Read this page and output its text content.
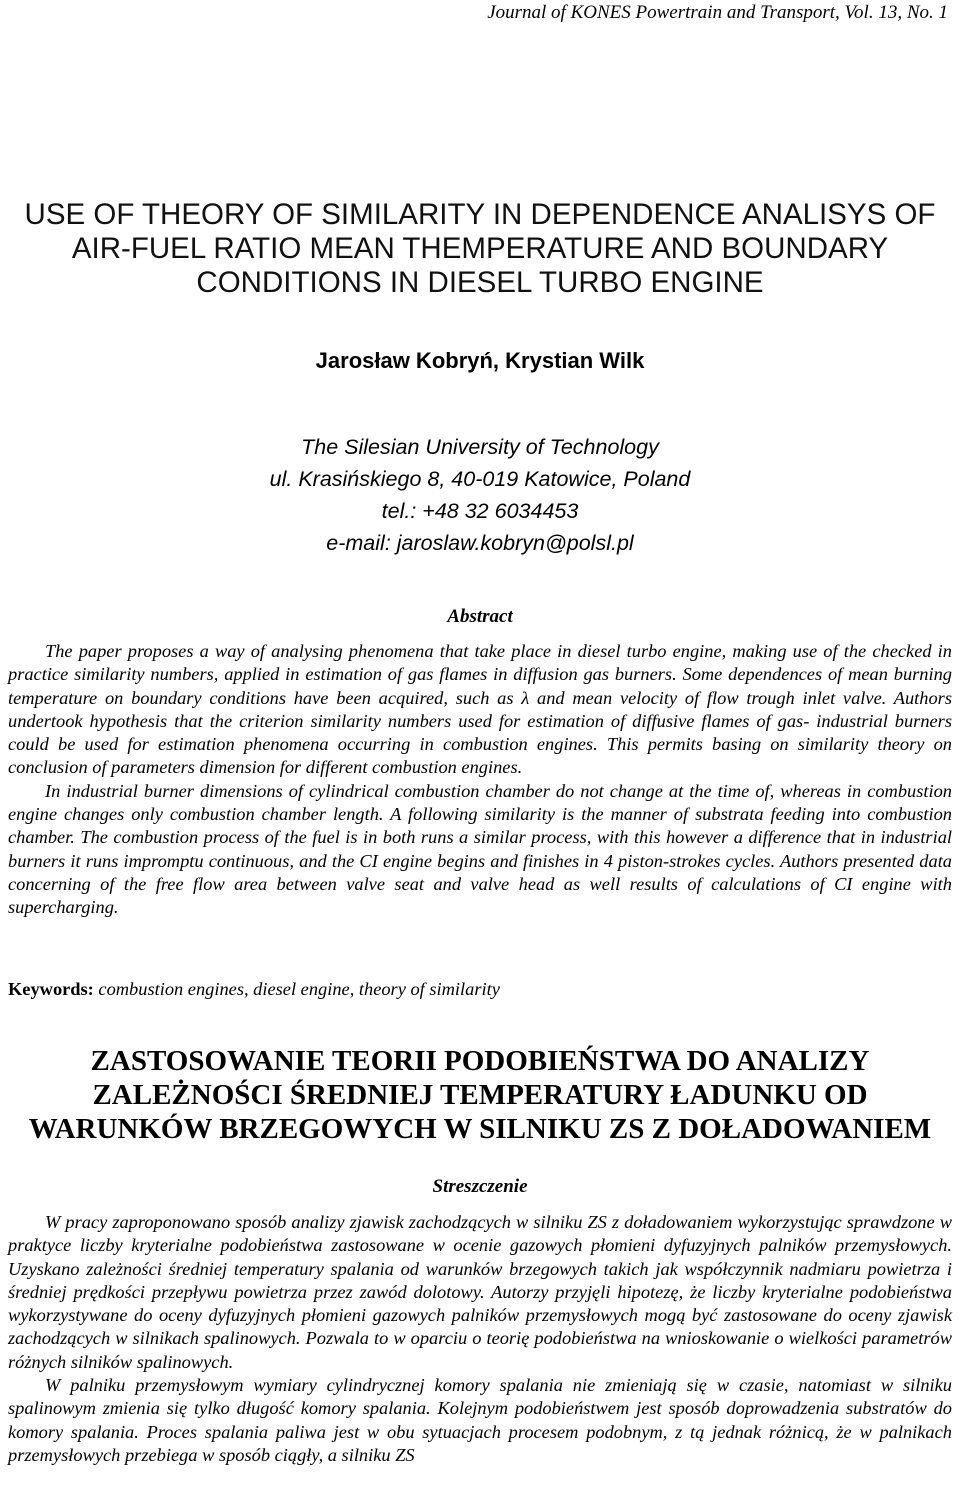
Journal of KONES Powertrain and Transport, Vol. 13, No. 1
USE OF THEORY OF SIMILARITY IN DEPENDENCE ANALISYS OF
AIR-FUEL RATIO MEAN THEMPERATURE AND BOUNDARY
CONDITIONS IN DIESEL TURBO ENGINE
Jarosław Kobryń, Krystian Wilk
The Silesian University of Technology
ul. Krasińskiego 8, 40-019 Katowice, Poland
tel.: +48 32 6034453
e-mail: jaroslaw.kobryn@polsl.pl
Abstract

The paper proposes a way of analysing phenomena that take place in diesel turbo engine, making use of the checked in practice similarity numbers, applied in estimation of gas flames in diffusion gas burners. Some dependences of mean burning temperature on boundary conditions have been acquired, such as λ and mean velocity of flow trough inlet valve. Authors undertook hypothesis that the criterion similarity numbers used for estimation of diffusive flames of gas- industrial burners could be used for estimation phenomena occurring in combustion engines. This permits basing on similarity theory on conclusion of parameters dimension for different combustion engines.

In industrial burner dimensions of cylindrical combustion chamber do not change at the time of, whereas in combustion engine changes only combustion chamber length. A following similarity is the manner of substrata feeding into combustion chamber. The combustion process of the fuel is in both runs a similar process, with this however a difference that in industrial burners it runs impromptu continuous, and the CI engine begins and finishes in 4 piston-strokes cycles. Authors presented data concerning of the free flow area between valve seat and valve head as well results of calculations of CI engine with supercharging.

Keywords: combustion engines, diesel engine, theory of similarity
ZASTOSOWANIE TEORII PODOBIEŃSTWA DO ANALIZY
ZALEŻNOŚCI ŚREDNIEJ TEMPERATURY ŁADUNKU OD
WARUNKÓW BRZEGOWYCH W SILNIKU ZS Z DOŁADOWANIEM
Streszczenie

W pracy zaproponowano sposób analizy zjawisk zachodzących w silniku ZS z doładowaniem wykorzystując sprawdzone w praktyce liczby kryterialne podobieństwa zastosowane w ocenie gazowych płomieni dyfuzyjnych palników przemysłowych. Uzyskano zależności średniej temperatury spalania od warunków brzegowych takich jak współczynnik nadmiaru powietrza i średniej prędkości przepływu powietrza przez zawód dolotowy. Autorzy przyjęli hipotezę, że liczby kryterialne podobieństwa wykorzystywane do oceny dyfuzyjnych płomieni gazowych palników przemysłowych mogą być zastosowane do oceny zjawisk zachodzących w silnikach spalinowych. Pozwala to w oparciu o teorię podobieństwa na wnioskowanie o wielkości parametrów różnych silników spalinowych.

W palniku przemysłowym wymiary cylindrycznej komory spalania nie zmieniają się w czasie, natomiast w silniku spalinowym zmienia się tylko długość komory spalania. Kolejnym podobieństwem jest sposób doprowadzenia substratów do komory spalania. Proces spalania paliwa jest w obu sytuacjach procesem podobnym, z tą jednak różnicą, że w palnikach przemysłowych przebiega w sposób ciągły, a silniku ZS
